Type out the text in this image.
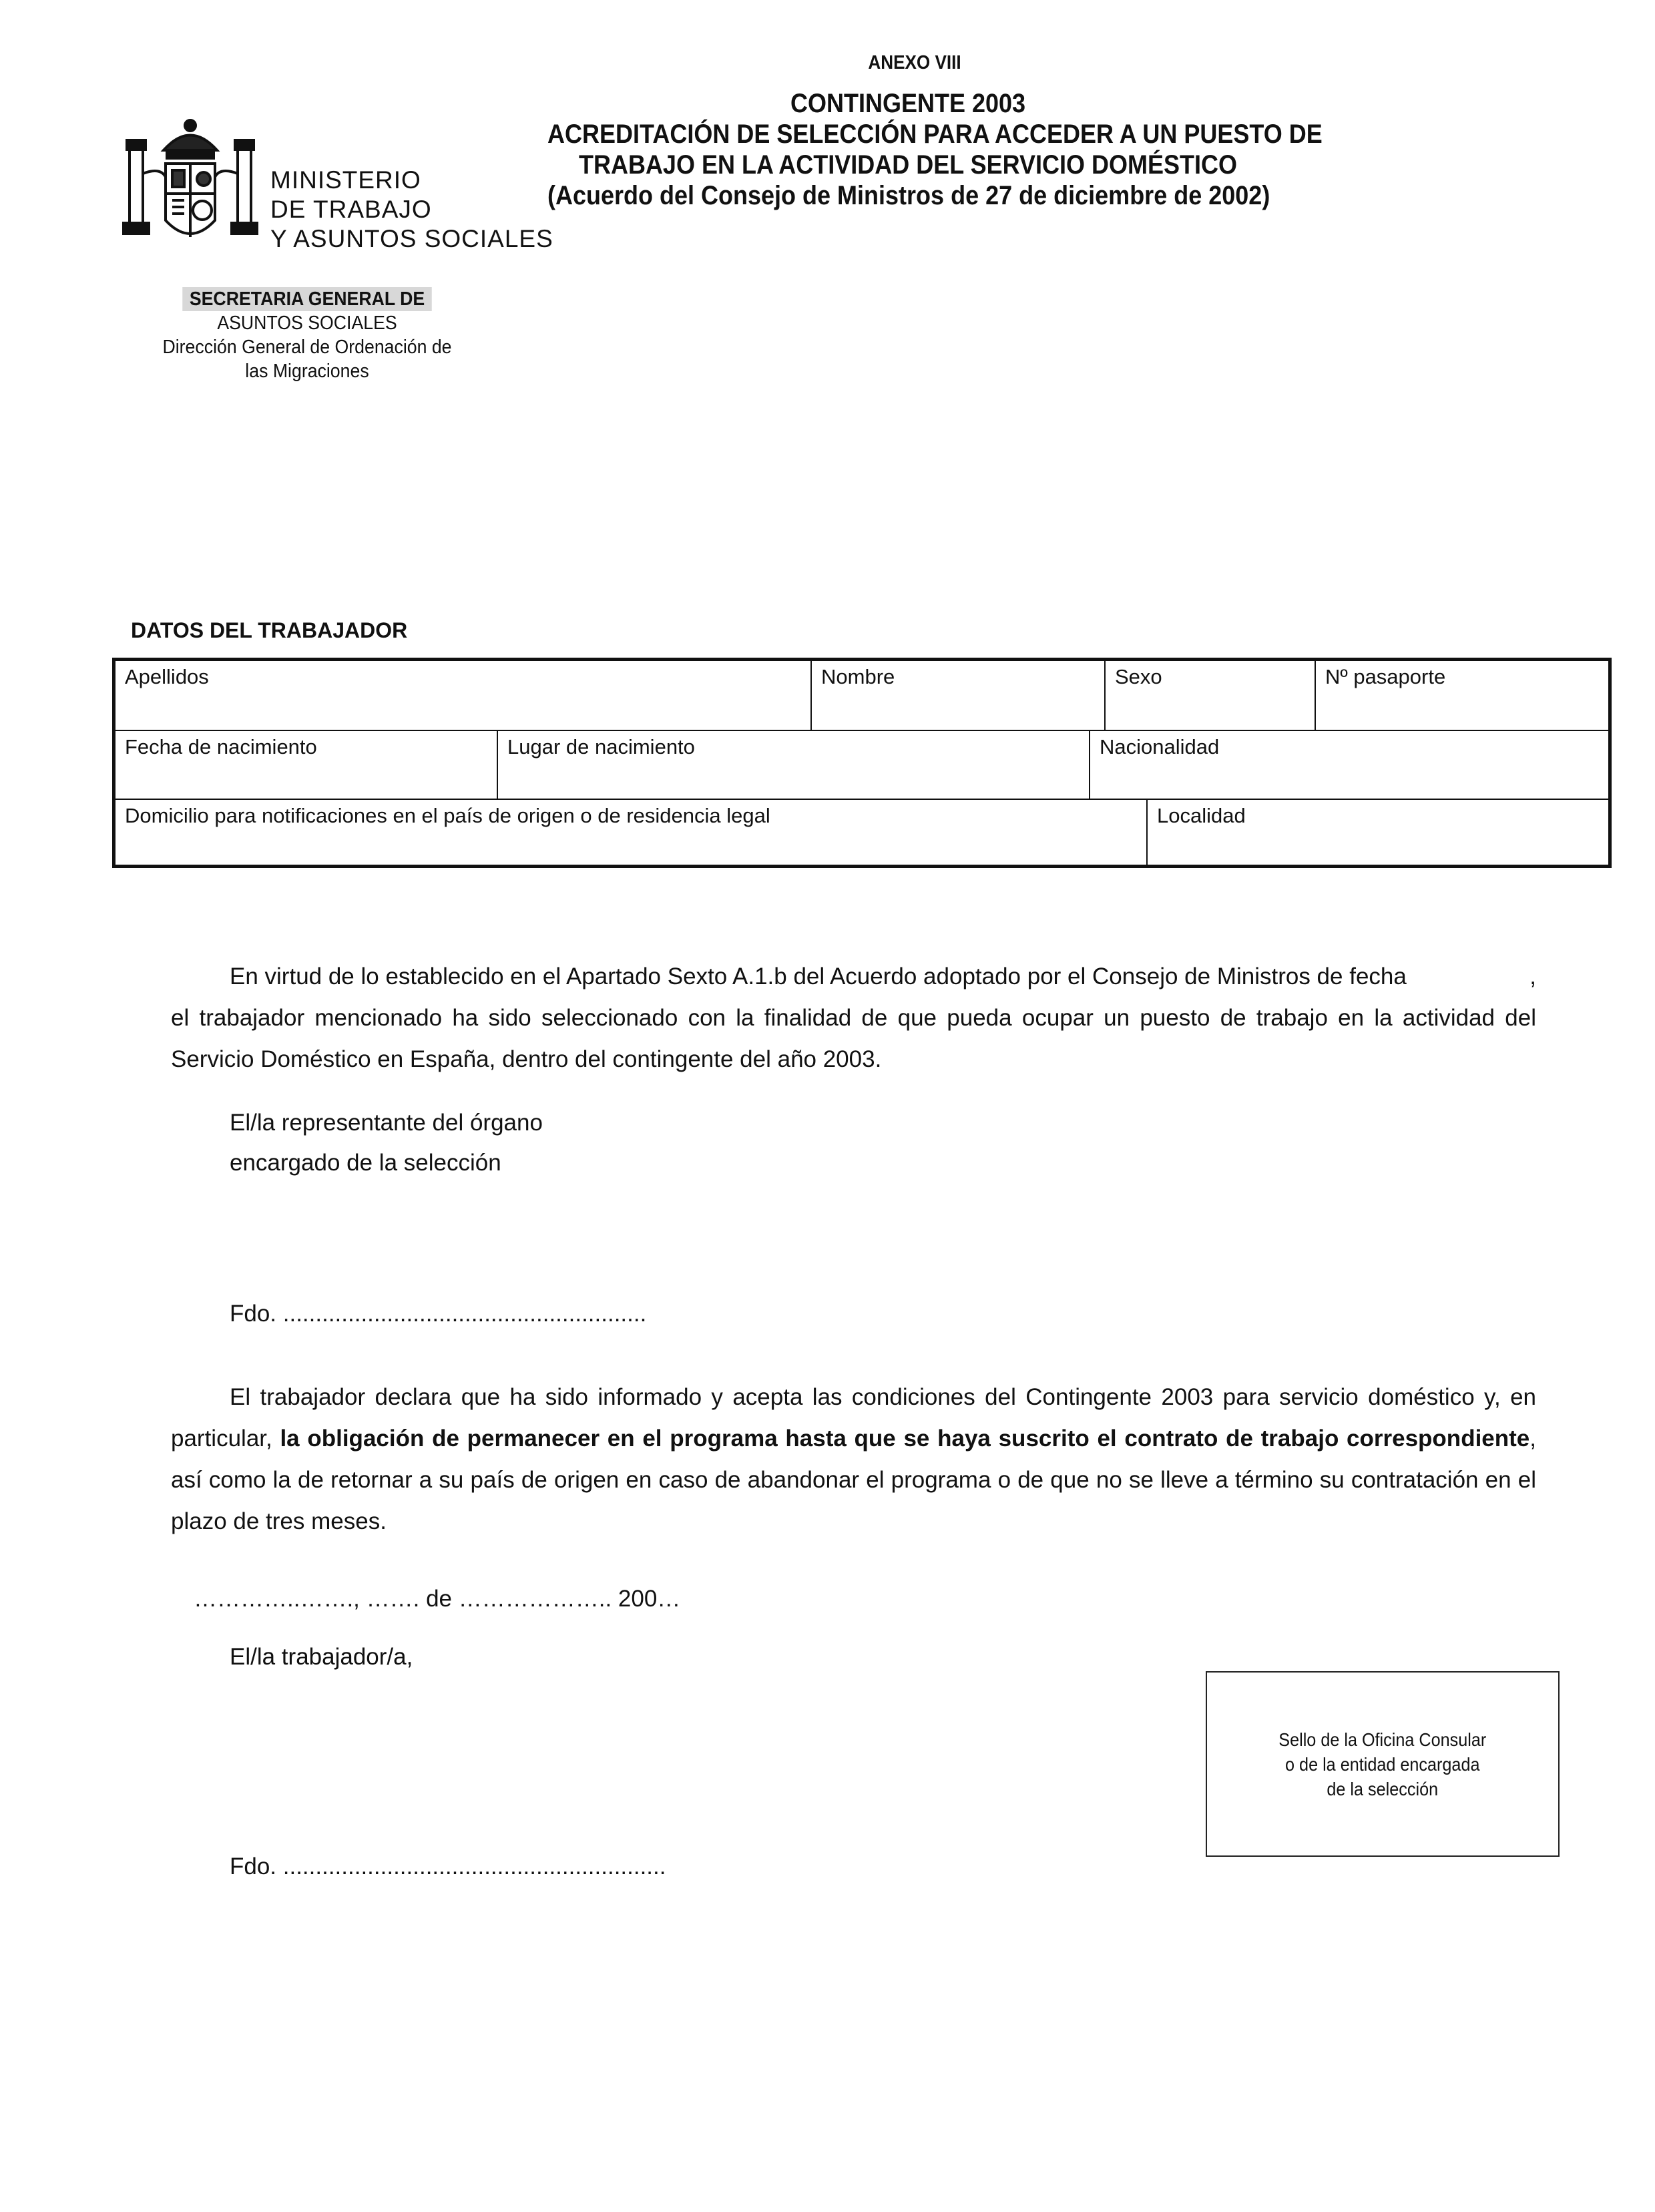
ANEXO VIII
CONTINGENTE 2003
ACREDITACIÓN DE SELECCIÓN PARA ACCEDER A UN PUESTO DE
TRABAJO EN LA ACTIVIDAD DEL SERVICIO DOMÉSTICO
(Acuerdo del Consejo de Ministros de 27 de diciembre de 2002)
MINISTERIO
DE TRABAJO
Y ASUNTOS SOCIALES
SECRETARIA GENERAL DE
ASUNTOS SOCIALES
Dirección General de Ordenación de
las Migraciones
DATOS DEL TRABAJADOR
Apellidos	Nombre	Sexo	Nº pasaporte
Fecha de nacimiento	Lugar de nacimiento	Nacionalidad
Domicilio para notificaciones en el país de origen o de residencia legal	Localidad
En virtud de lo establecido en el Apartado Sexto A.1.b del Acuerdo adoptado por el Consejo de Ministros de fecha	,

el trabajador mencionado ha sido seleccionado con la finalidad de que pueda ocupar un puesto de trabajo en la actividad del Servicio Doméstico en España, dentro del contingente del año 2003.
El/la representante del órgano
encargado de la selección
Fdo. ........................................................
El trabajador declara que ha sido informado y acepta las condiciones del Contingente 2003 para servicio doméstico y, en particular, la obligación de permanecer en el programa hasta que se haya suscrito el contrato de trabajo correspondiente, así como la de retornar a su país de origen en caso de abandonar el programa o de que no se lleve a término su contratación en el plazo de tres meses.
…………..……., ……. de ……………….. 200…
El/la trabajador/a,
Fdo. ...........................................................
Sello de la Oficina Consular
o de la entidad encargada
de la selección
